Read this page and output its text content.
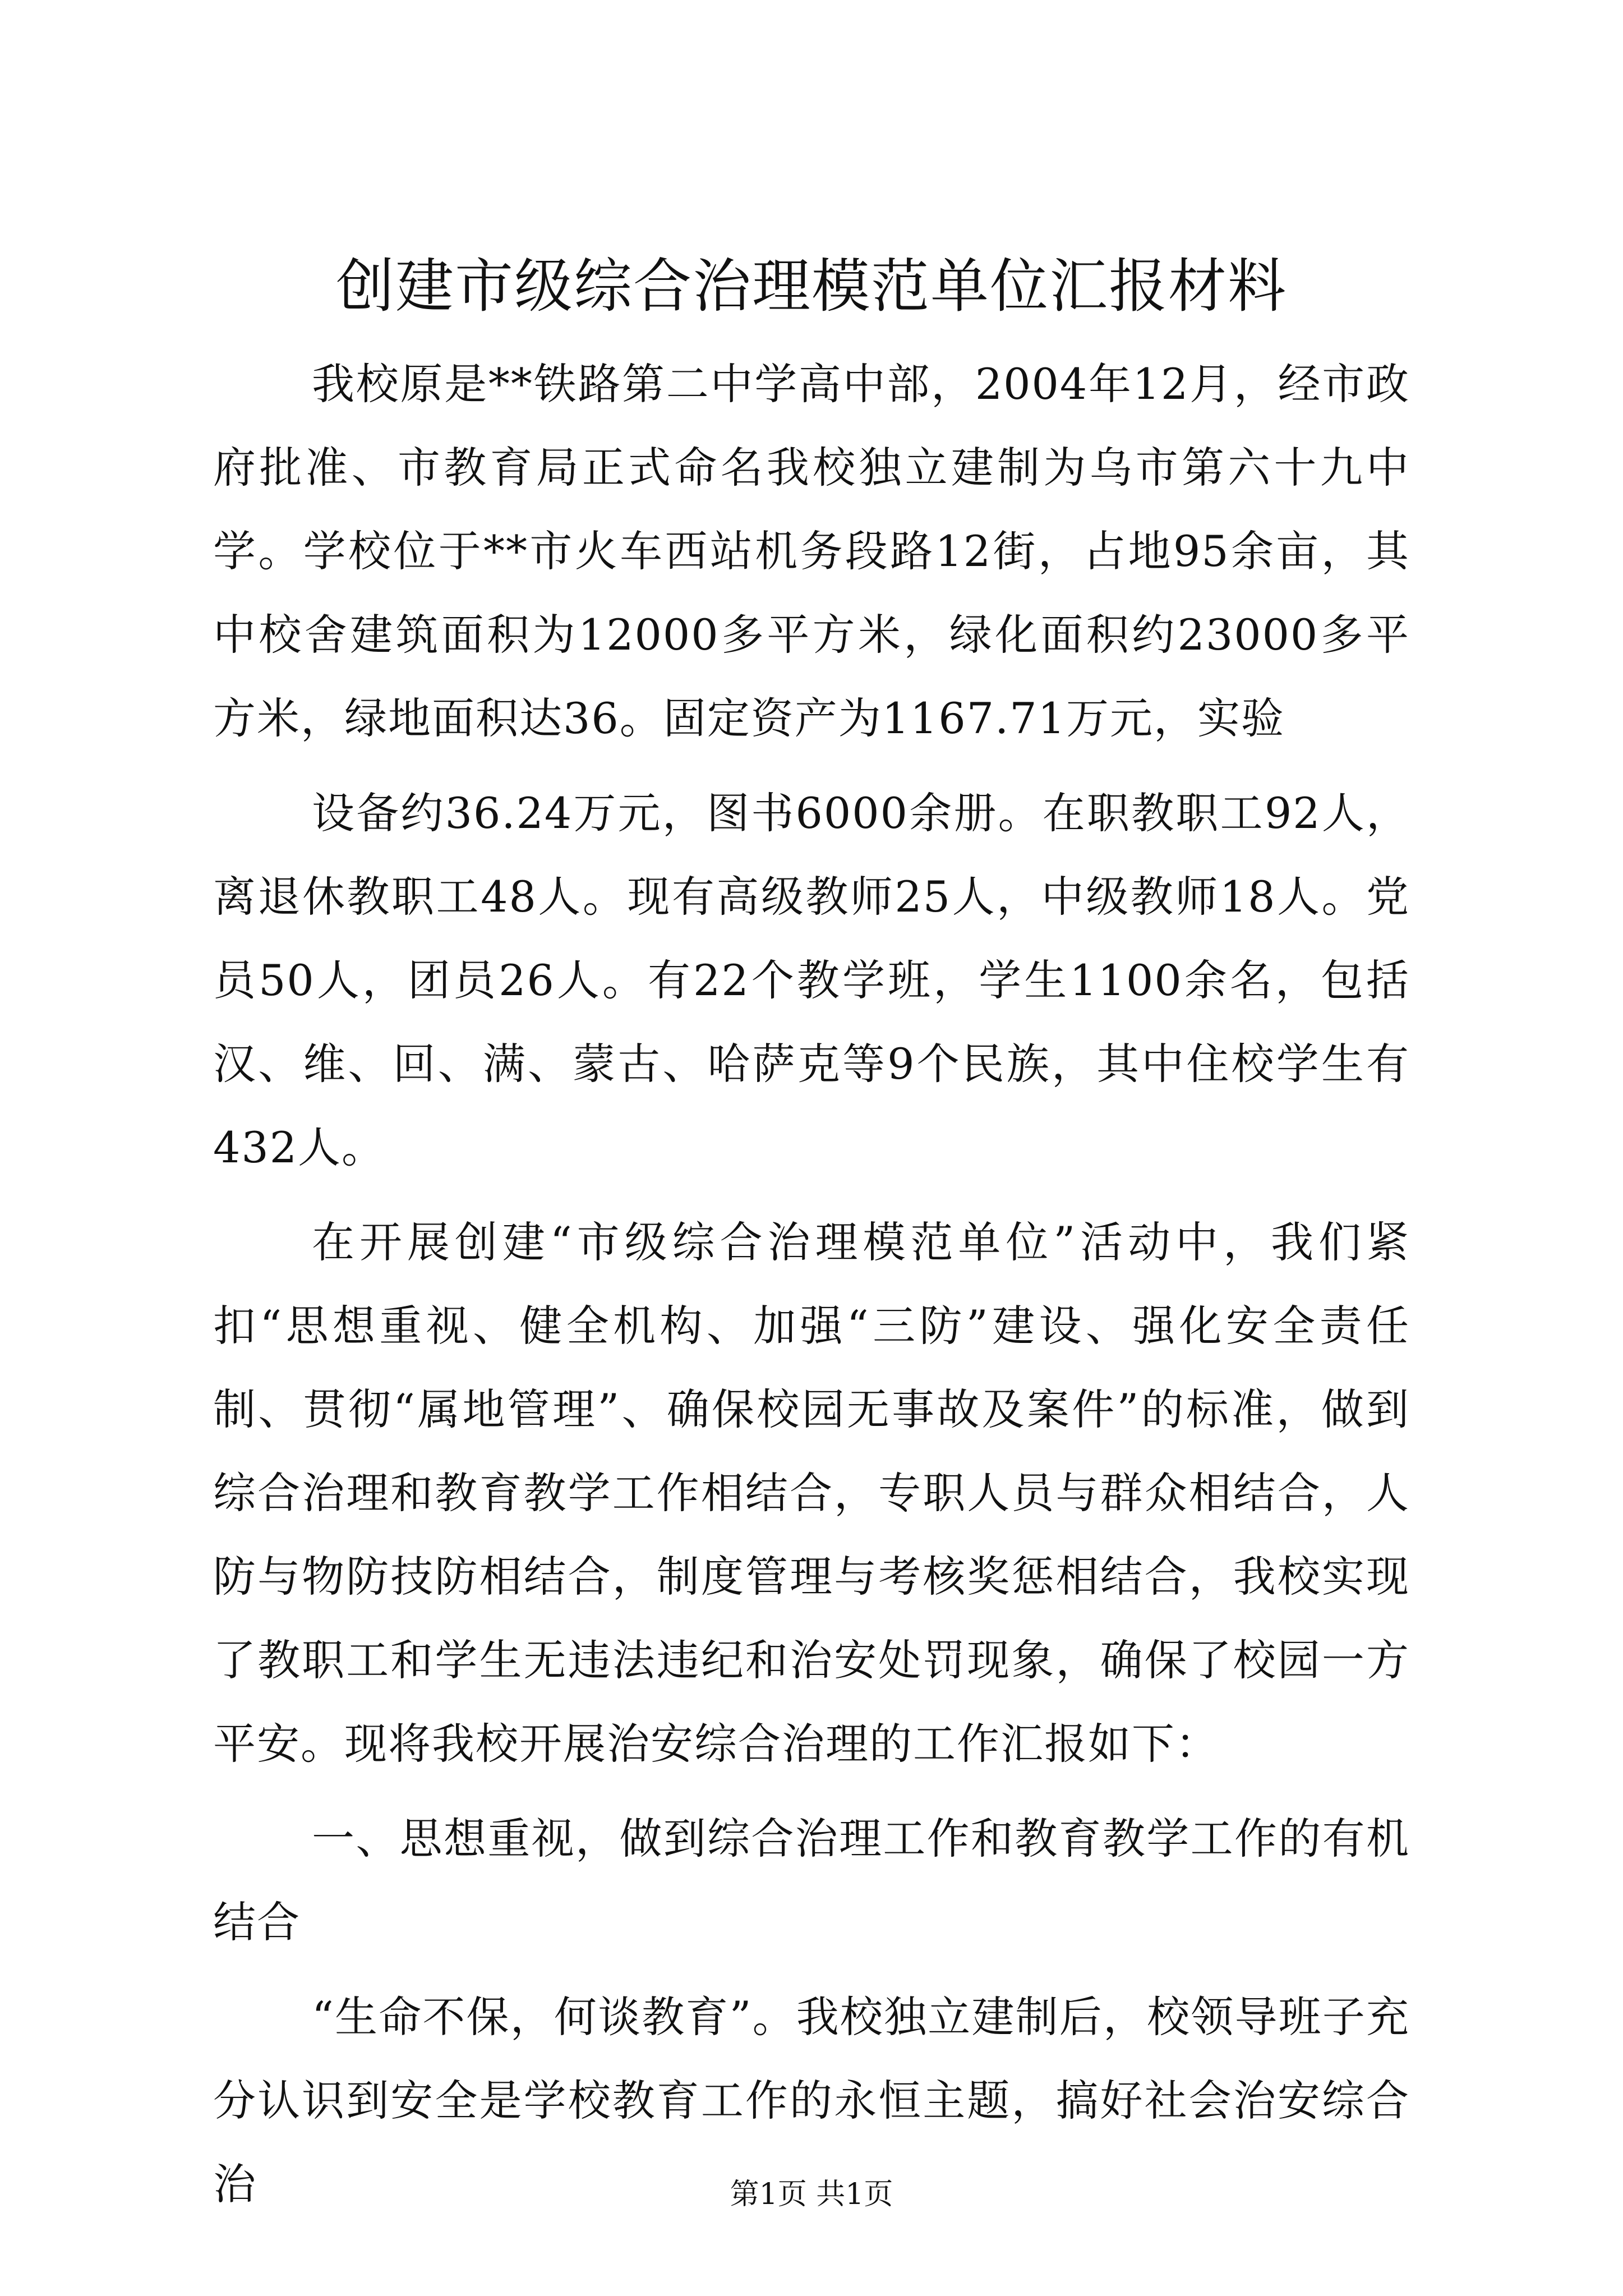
创建市级综合治理模范单位汇报材料

我校原是**铁路第二中学高中部，2004年12月，经市政府批准、市教育局正式命名我校独立建制为乌市第六十九中学。学校位于**市火车西站机务段路12街，占地95余亩，其中校舍建筑面积为12000多平方米，绿化面积约23000多平方米，绿地面积达36。固定资产为1167.71万元，实验

设备约36.24万元，图书6000余册。在职教职工92人，离退休教职工48人。现有高级教师25人，中级教师18人。党员50人，团员26人。有22个教学班，学生1100余名，包括汉、维、回、满、蒙古、哈萨克等9个民族，其中住校学生有432人。

在开展创建“市级综合治理模范单位”活动中，我们紧扣“思想重视、健全机构、加强“三防”建设、强化安全责任制、贯彻“属地管理”、确保校园无事故及案件”的标准，做到综合治理和教育教学工作相结合，专职人员与群众相结合，人防与物防技防相结合，制度管理与考核奖惩相结合，我校实现了教职工和学生无违法违纪和治安处罚现象，确保了校园一方平安。现将我校开展治安综合治理的工作汇报如下：

一、思想重视，做到综合治理工作和教育教学工作的有机结合

“生命不保，何谈教育”。我校独立建制后，校领导班子充分认识到安全是学校教育工作的永恒主题，搞好社会治安综合治	第1页 共1页
